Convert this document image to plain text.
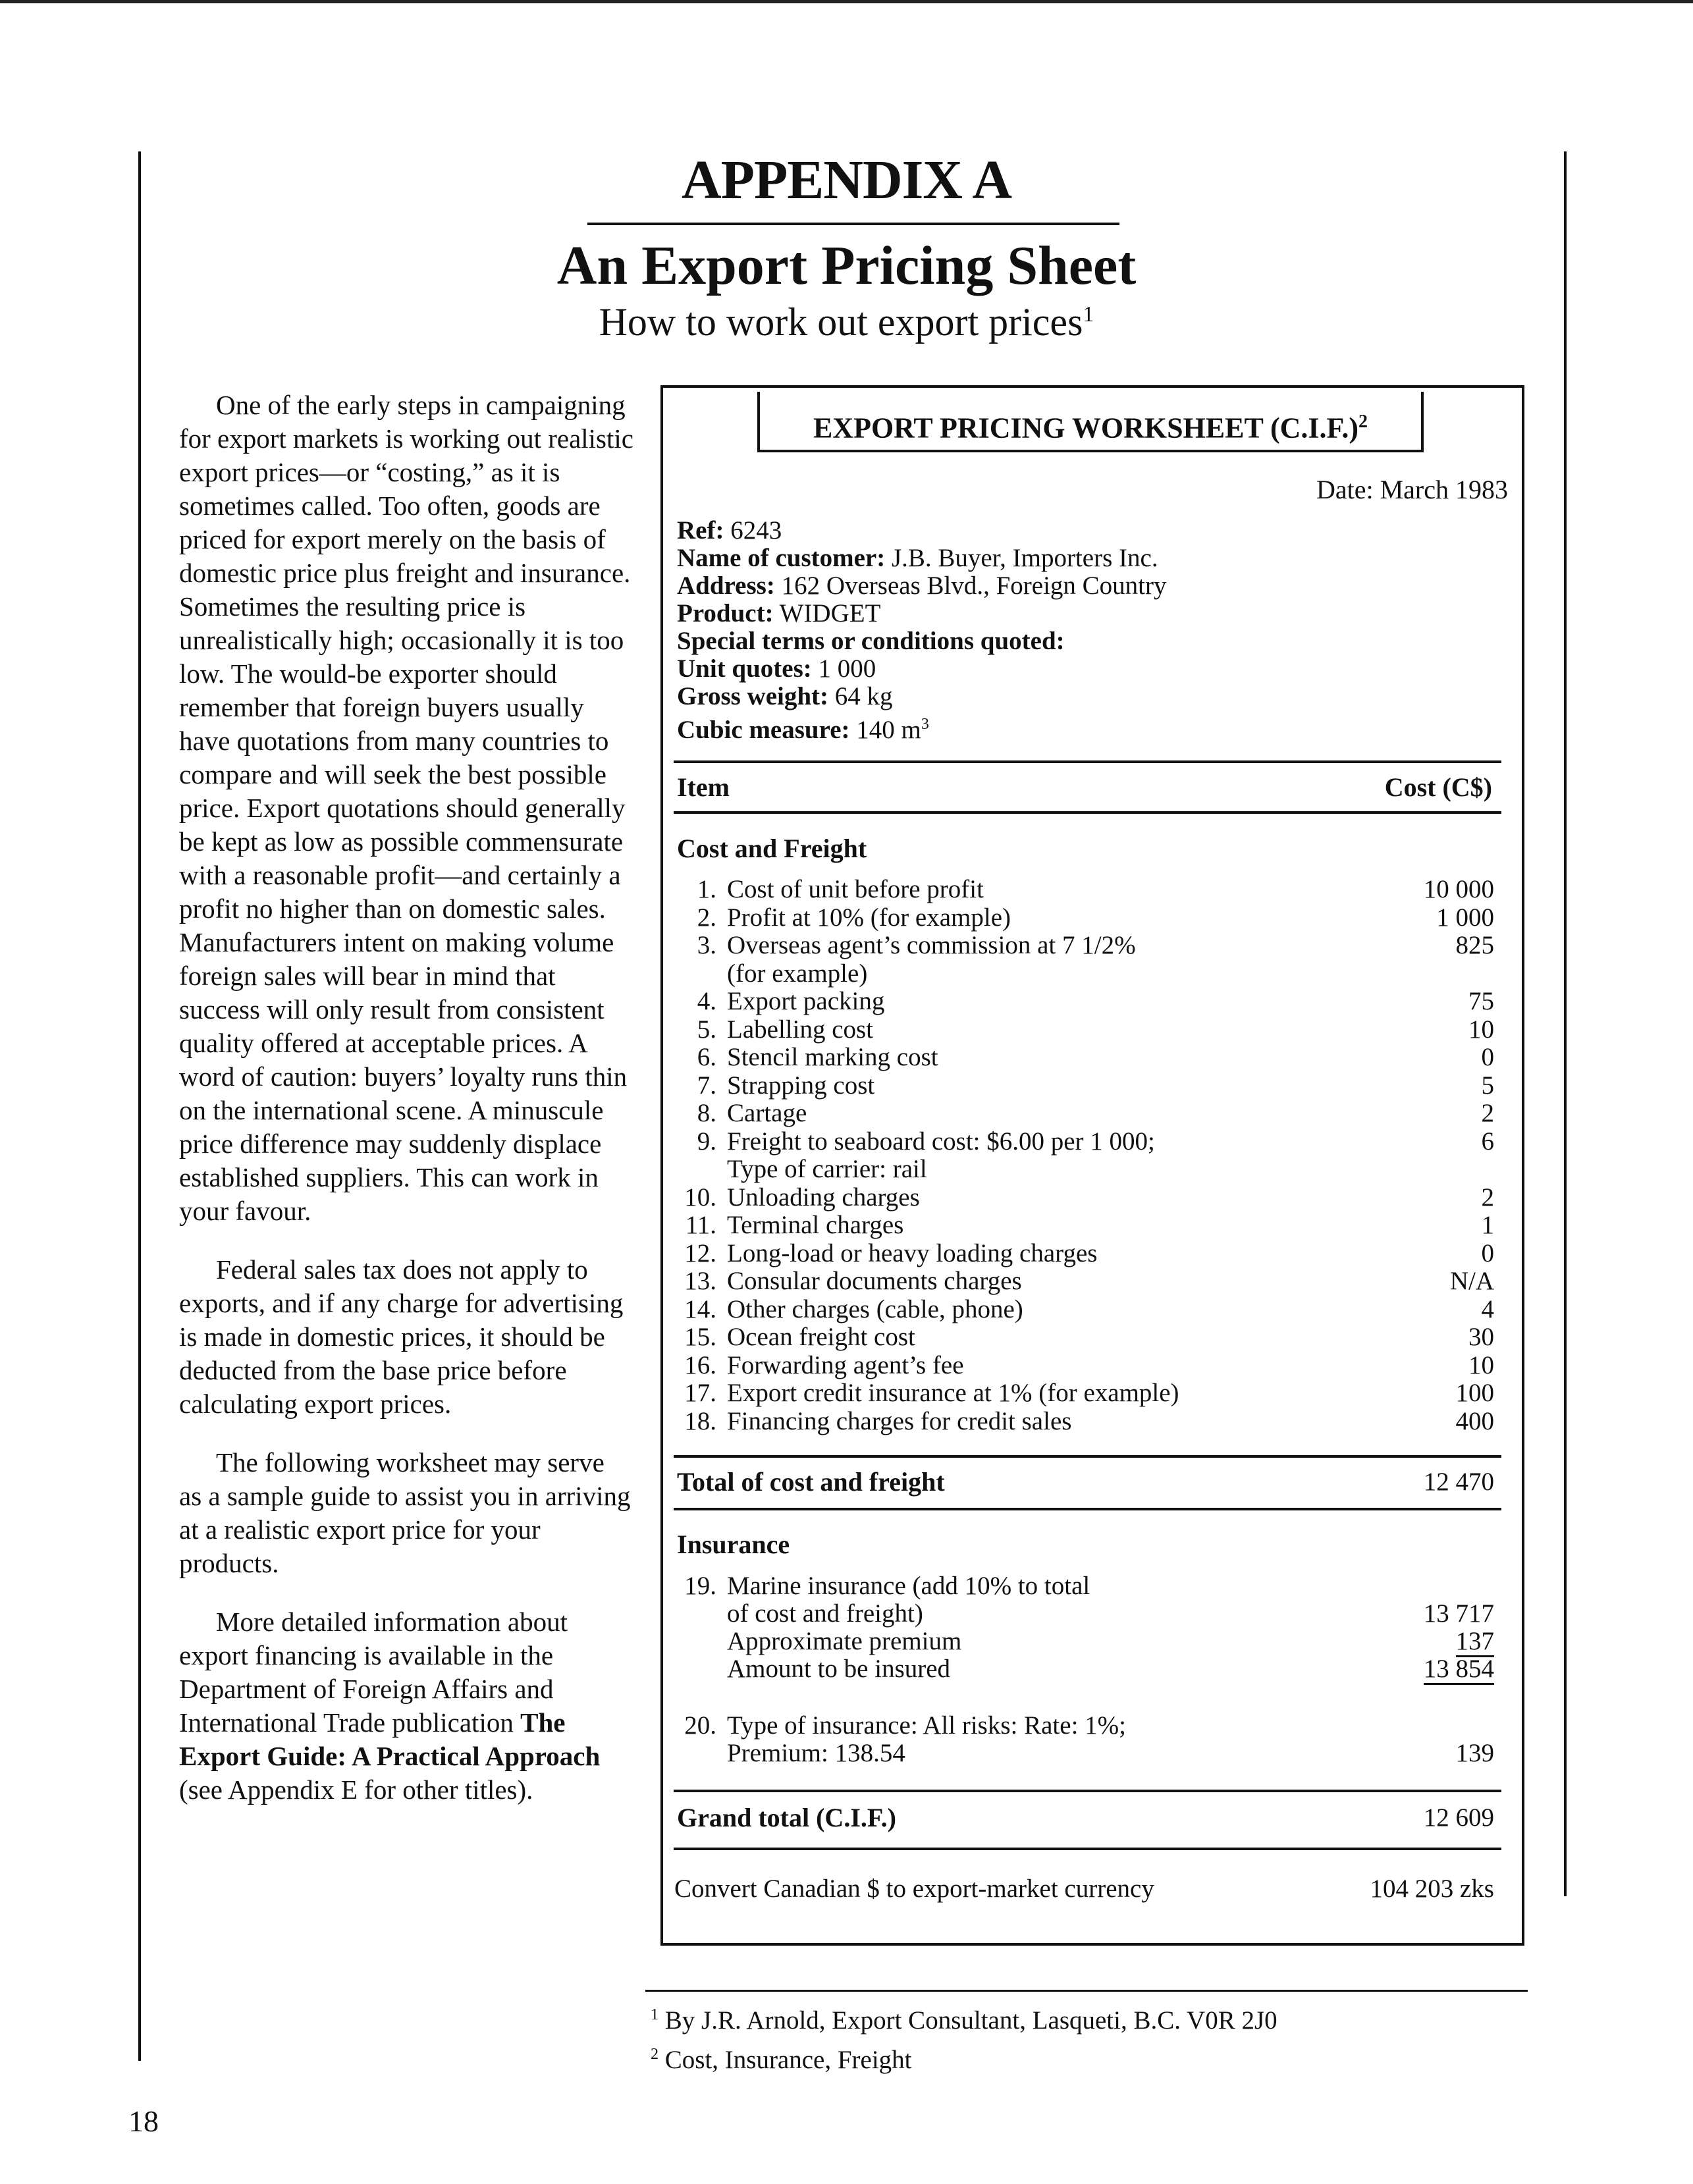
APPENDIX A
An Export Pricing Sheet
How to work out export prices$^1$

One of the early steps in campaigning for export markets is working out realistic export prices—or “costing,” as it is sometimes called. Too often, goods are priced for export merely on the basis of domestic price plus freight and insurance. Sometimes the resulting price is unrealistically high; occasionally it is too low. The would-be exporter should remember that foreign buyers usually have quotations from many countries to compare and will seek the best possible price. Export quotations should generally be kept as low as possible commensurate with a reasonable profit—and certainly a profit no higher than on domestic sales. Manufacturers intent on making volume foreign sales will bear in mind that success will only result from consistent quality offered at acceptable prices. A word of caution: buyers’ loyalty runs thin on the international scene. A minuscule price difference may suddenly displace established suppliers. This can work in your favour.

Federal sales tax does not apply to exports, and if any charge for advertising is made in domestic prices, it should be deducted from the base price before calculating export prices.

The following worksheet may serve as a sample guide to assist you in arriving at a realistic export price for your products.

More detailed information about export financing is available in the Department of Foreign Affairs and International Trade publication The Export Guide: A Practical Approach (see Appendix E for other titles).

EXPORT PRICING WORKSHEET $(C.I.F.)^2$
Date: March 1983
Ref: 6243
Name of customer: J.B. Buyer, Importers Inc.
Address: 162 Overseas Blvd., Foreign Country
Product: WIDGET
Special terms or conditions quoted:
Unit quotes: 1 000
Gross weight: 64 kg
Cubic measure: 140 $m^3$
Item	Cost (C$)
Cost and Freight
1. Cost of unit before profit	10 000
2. Profit at 10% (for example)	1 000
3. Overseas agent’s commission at 7 1/2%	825
(for example)
4. Export packing	75
5. Labelling cost	10
6. Stencil marking cost	0
7. Strapping cost	5
8. Cartage	2
9. Freight to seaboard cost: $6.00 per 1 000;	6
Type of carrier: rail
10. Unloading charges	2
11. Terminal charges	1
12. Long-load or heavy loading charges	0
13. Consular documents charges	N/A
14. Other charges (cable, phone)	4
15. Ocean freight cost	30
16. Forwarding agent’s fee	10
17. Export credit insurance at 1% (for example)	100
18. Financing charges for credit sales	400
Total of cost and freight	12 470
Insurance
19. Marine insurance (add 10% to total
of cost and freight)	13 717
Approximate premium	137
Amount to be insured	13 854
20. Type of insurance: All risks: Rate: 1%;
Premium: 138.54	139
Grand total (C.I.F.)	12 609
Convert Canadian $ to export-market currency	104 203 zks
$^1$ By J.R. Arnold, Export Consultant, Lasqueti, B.C. V0R 2J0
$^2$ Cost, Insurance, Freight
18
